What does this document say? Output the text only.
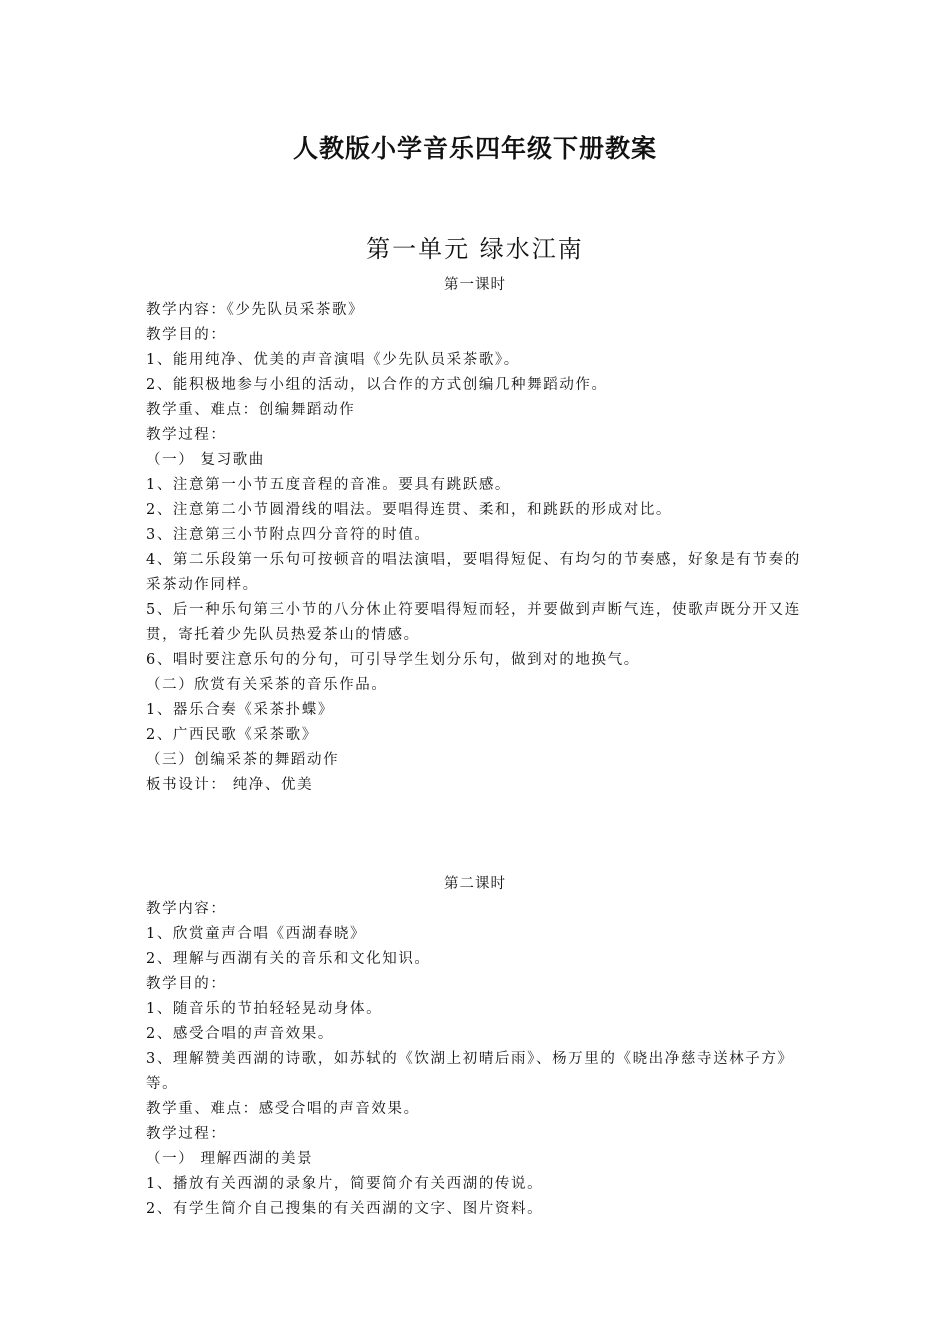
人教版小学音乐四年级下册教案
第一单元 绿水江南
第一课时
教学内容：《少先队员采茶歌》
教学目的：
1、能用纯净、优美的声音演唱《少先队员采茶歌》。
2、能积极地参与小组的活动，以合作的方式创编几种舞蹈动作。
教学重、难点：创编舞蹈动作
教学过程：
（一） 复习歌曲
1、注意第一小节五度音程的音准。要具有跳跃感。
2、注意第二小节圆滑线的唱法。要唱得连贯、柔和，和跳跃的形成对比。
3、注意第三小节附点四分音符的时值。
4、第二乐段第一乐句可按顿音的唱法演唱，要唱得短促、有均匀的节奏感，好象是有节奏的采茶动作同样。
5、后一种乐句第三小节的八分休止符要唱得短而轻，并要做到声断气连，使歌声既分开又连贯，寄托着少先队员热爱茶山的情感。
6、唱时要注意乐句的分句，可引导学生划分乐句，做到对的地换气。
（二）欣赏有关采茶的音乐作品。
1、器乐合奏《采茶扑蝶》
2、广西民歌《采茶歌》
（三）创编采茶的舞蹈动作
板书设计： 纯净、优美
第二课时
教学内容：
1、欣赏童声合唱《西湖春晓》
2、理解与西湖有关的音乐和文化知识。
教学目的：
1、随音乐的节拍轻轻晃动身体。
2、感受合唱的声音效果。
3、理解赞美西湖的诗歌，如苏轼的《饮湖上初晴后雨》、杨万里的《晓出净慈寺送林子方》等。
教学重、难点：感受合唱的声音效果。
教学过程：
（一） 理解西湖的美景
1、播放有关西湖的录象片，简要简介有关西湖的传说。
2、有学生简介自己搜集的有关西湖的文字、图片资料。
